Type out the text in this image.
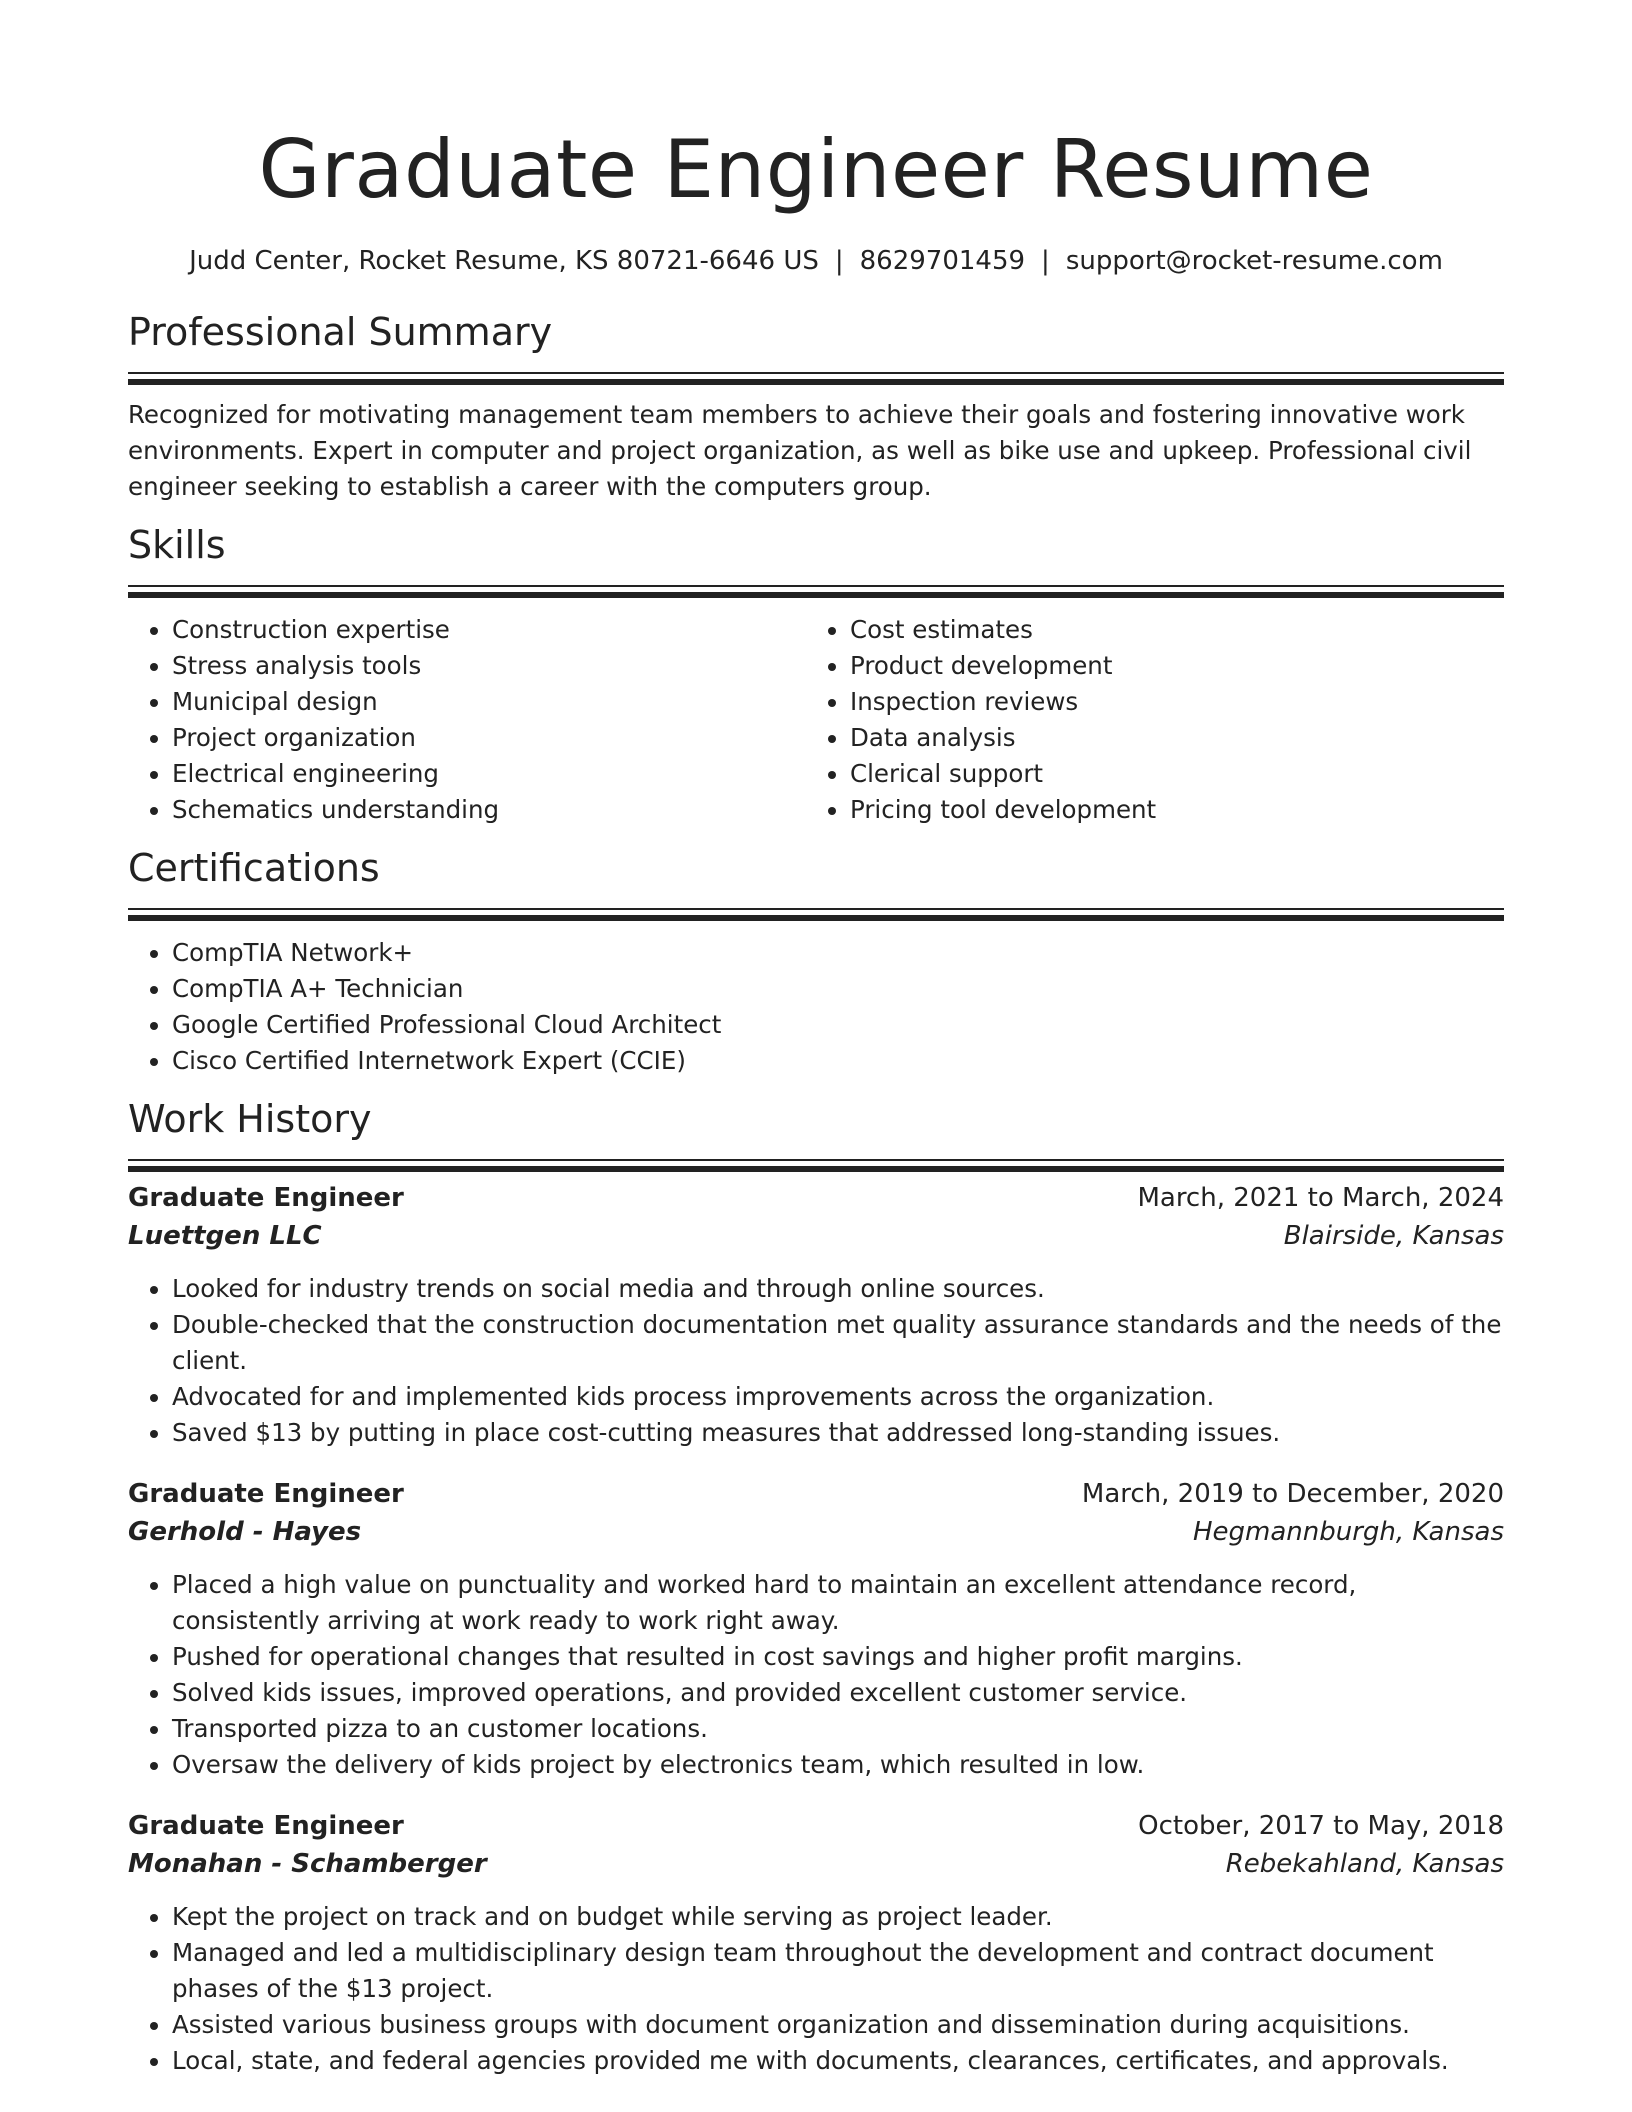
Graduate Engineer Resume
Judd Center, Rocket Resume, KS 80721-6646 US | 8629701459 | support@rocket-resume.com
Professional Summary

Recognized for motivating management team members to achieve their goals and fostering innovative work environments. Expert in computer and project organization, as well as bike use and upkeep. Professional civil engineer seeking to establish a career with the computers group.

Skills
• Construction expertise
• Stress analysis tools
• Municipal design
• Project organization
• Electrical engineering
• Schematics understanding
• Cost estimates
• Product development
• Inspection reviews
• Data analysis
• Clerical support
• Pricing tool development
Certifications
• CompTIA Network+
• CompTIA A+ Technician
• Google Certified Professional Cloud Architect
• Cisco Certified Internetwork Expert (CCIE)
Work History
Graduate Engineer	March, 2021 to March, 2024
Luettgen LLC	Blairside, Kansas
• Looked for industry trends on social media and through online sources.
• Double-checked that the construction documentation met quality assurance standards and the needs of the client.
• Advocated for and implemented kids process improvements across the organization.
• Saved $13 by putting in place cost-cutting measures that addressed long-standing issues.
Graduate Engineer	March, 2019 to December, 2020
Gerhold - Hayes	Hegmannburgh, Kansas
• Placed a high value on punctuality and worked hard to maintain an excellent attendance record, consistently arriving at work ready to work right away.
• Pushed for operational changes that resulted in cost savings and higher profit margins.
• Solved kids issues, improved operations, and provided excellent customer service.
• Transported pizza to an customer locations.
• Oversaw the delivery of kids project by electronics team, which resulted in low.
Graduate Engineer	October, 2017 to May, 2018
Monahan - Schamberger	Rebekahland, Kansas
• Kept the project on track and on budget while serving as project leader.
• Managed and led a multidisciplinary design team throughout the development and contract document phases of the $13 project.
• Assisted various business groups with document organization and dissemination during acquisitions.
• Local, state, and federal agencies provided me with documents, clearances, certificates, and approvals.
